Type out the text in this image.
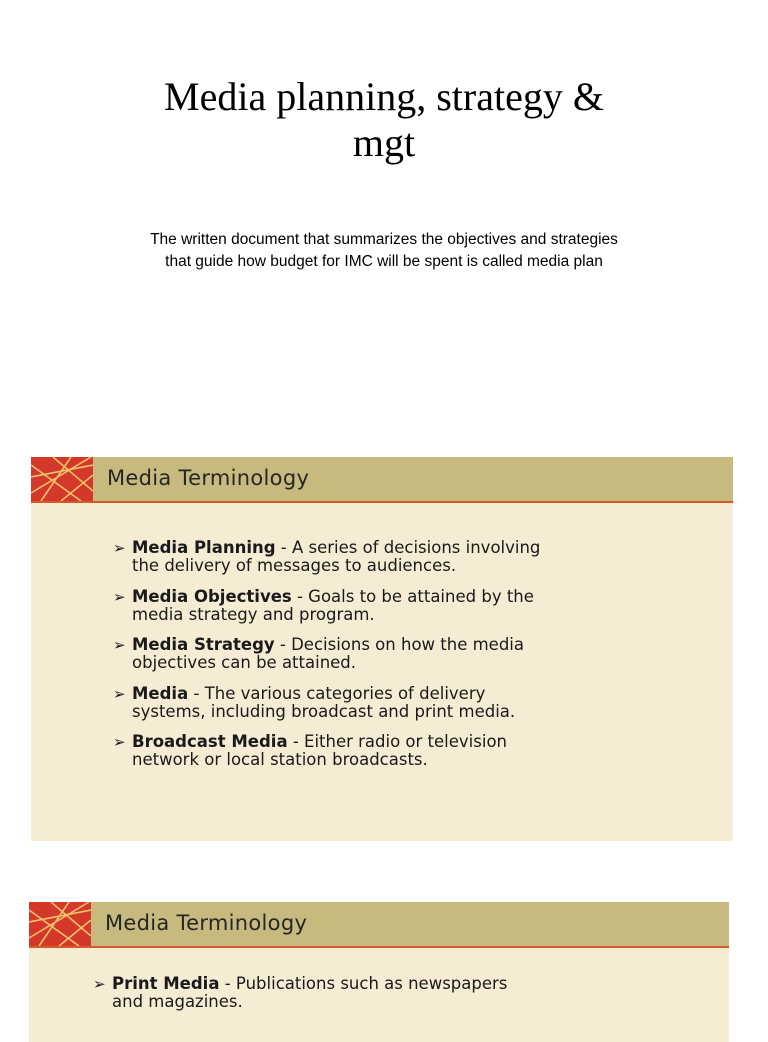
Media planning, strategy &
mgt
The written document that summarizes the objectives and strategies
that guide how budget for IMC will be spent is called media plan
Media Terminology
➢ Media Planning - A series of decisions involving
the delivery of messages to audiences.
➢ Media Objectives - Goals to be attained by the
media strategy and program.
➢ Media Strategy - Decisions on how the media
objectives can be attained.
➢ Media - The various categories of delivery
systems, including broadcast and print media.
➢ Broadcast Media - Either radio or television
network or local station broadcasts.
Media Terminology
➢ Print Media - Publications such as newspapers
and magazines.
